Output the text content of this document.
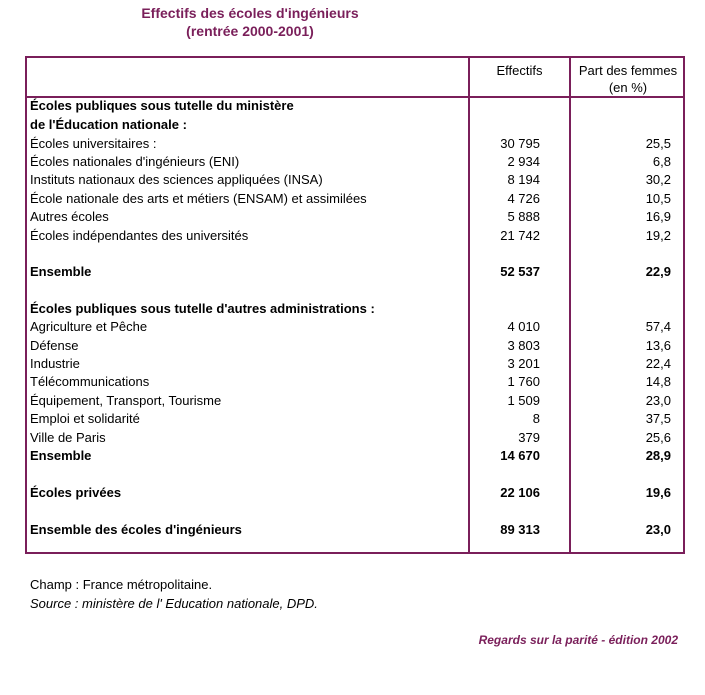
Effectifs des écoles d'ingénieurs
(rentrée 2000-2001)
Effectifs	Part des femmes
(en %)
Écoles publiques sous tutelle du ministère
de l'Éducation nationale :
Écoles universitaires :	30 795	25,5
Écoles nationales d'ingénieurs (ENI)	2 934	6,8
Instituts nationaux des sciences appliquées (INSA)	8 194	30,2
École nationale des arts et métiers (ENSAM) et assimilées	4 726	10,5
Autres écoles	5 888	16,9
Écoles indépendantes des universités	21 742	19,2
Ensemble	52 537	22,9
Écoles publiques sous tutelle d'autres administrations :
Agriculture et Pêche	4 010	57,4
Défense	3 803	13,6
Industrie	3 201	22,4
Télécommunications	1 760	14,8
Équipement, Transport, Tourisme	1 509	23,0
Emploi et solidarité	8	37,5
Ville de Paris	379	25,6
Ensemble	14 670	28,9
Écoles privées	22 106	19,6
Ensemble des écoles d'ingénieurs	89 313	23,0
Champ : France métropolitaine.
Source : ministère de l' Education nationale, DPD.
Regards sur la parité - édition 2002
